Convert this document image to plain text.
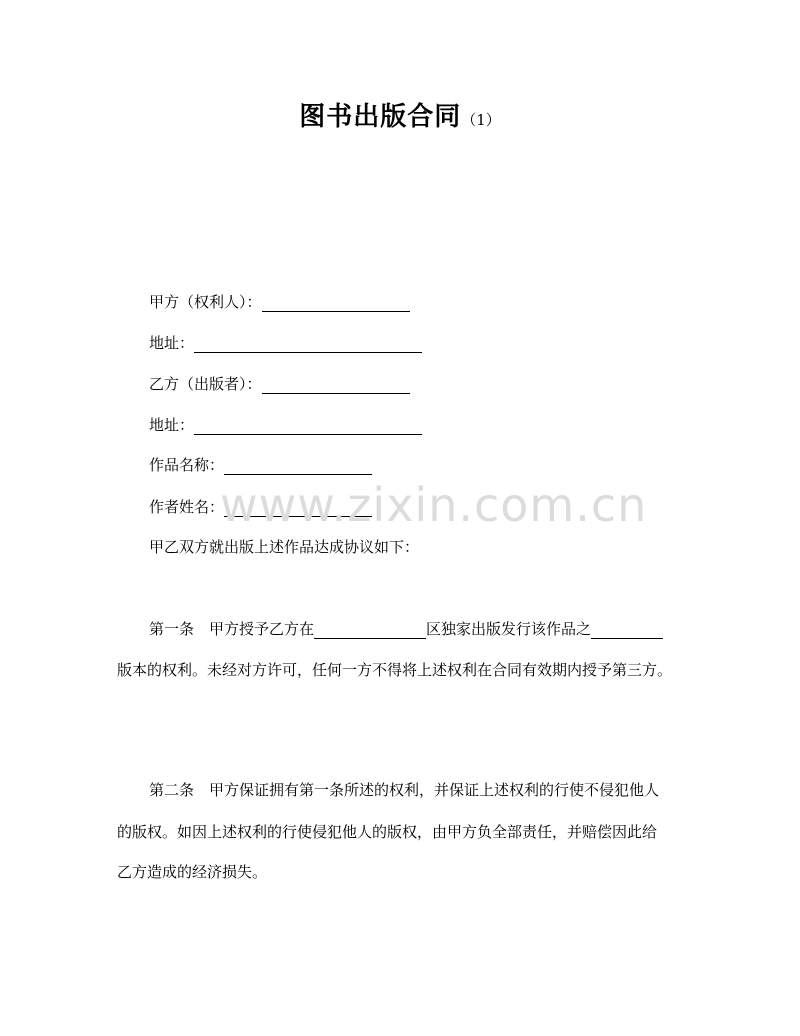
图书出版合同（1）
甲方（权利人）：
地址：
乙方（出版者）：
地址：
作品名称：
作者姓名：
甲乙双方就出版上述作品达成协议如下：
第一条　甲方授予乙方在	区独家出版发行该作品之
版本的权利。未经对方许可，任何一方不得将上述权利在合同有效期内授予第三方。
第二条　甲方保证拥有第一条所述的权利，并保证上述权利的行使不侵犯他人
的版权。如因上述权利的行使侵犯他人的版权，由甲方负全部责任，并赔偿因此给
乙方造成的经济损失。
www.zixin.com.cn
